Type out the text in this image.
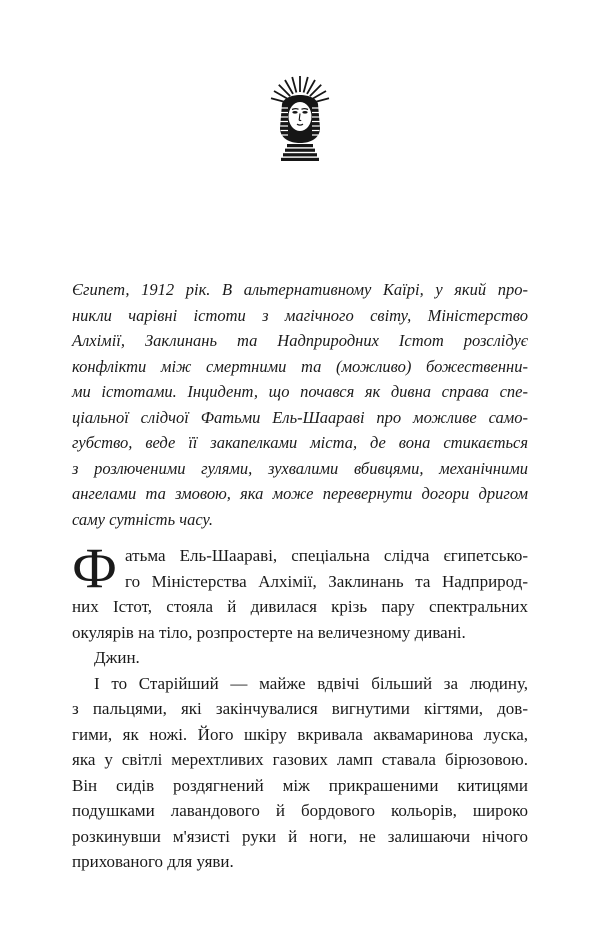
Єгипет, 1912 рік. В альтернативному Каїрі, у який про-
никли чарівні істоти з магічного світу, Міністерство
Алхімії, Заклинань та Надприродних Істот розслідує
конфлікти між смертними та (можливо) божественни-
ми істотами. Інцидент, що почався як дивна справа спе-
ціальної слідчої Фатьми Ель-Шаараві про можливе само-
губство, веде її закапелками міста, де вона стикається
з розлюченими гулями, зухвалими вбивцями, механічними
ангелами та змовою, яка може перевернути догори дригом
саму сутність часу.
Ф атьма Ель-Шаараві, спеціальна слідча єгипетсько-
го Міністерства Алхімії, Заклинань та Надприрод-
них Істот, стояла й дивилася крізь пару спектральних
окулярів на тіло, розпростерте на величезному дивані.
Джин.
І то Старійший — майже вдвічі більший за людину,
з пальцями, які закінчувалися вигнутими кігтями, дов-
гими, як ножі. Його шкіру вкривала аквамаринова луска,
яка у світлі мерехтливих газових ламп ставала бірюзовою.
Він сидів роздягнений між прикрашеними китицями
подушками лавандового й бордового кольорів, широко
розкинувши м'язисті руки й ноги, не залишаючи нічого
прихованого для уяви.
